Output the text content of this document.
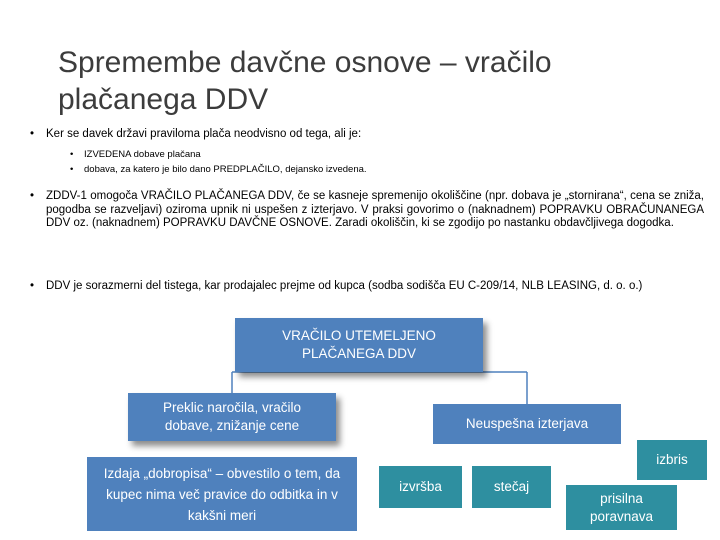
Spremembe davčne osnove – vračilo
plačanega DDV
• Ker se davek državi praviloma plača neodvisno od tega, ali je:
• IZVEDENA dobave plačana
• dobava, za katero je bilo dano PREDPLAČILO, dejansko izvedena.
• ZDDV-1 omogoča VRAČILO PLAČANEGA DDV, če se kasneje spremenijo okoliščine (npr. dobava je „stornirana“, cena se zniža, pogodba se razveljavi) oziroma upnik ni uspešen z izterjavo. V praksi govorimo o (naknadnem) POPRAVKU OBRAČUNANEGA DDV oz. (naknadnem) POPRAVKU DAVČNE OSNOVE. Zaradi okoliščin, ki se zgodijo po nastanku obdavčljivega dogodka.
• DDV je sorazmerni del tistega, kar prodajalec prejme od kupca (sodba sodišča EU C-209/14, NLB LEASING, d. o. o.)
VRAČILO UTEMELJENO PLAČANEGA DDV
Preklic naročila, vračilo dobave, znižanje cene
Izdaja „dobropisa“ – obvestilo o tem, da kupec nima več pravice do odbitka in v kakšni meri
Neuspešna izterjava
izvršba	stečaj
prisilna poravnava
izbris
